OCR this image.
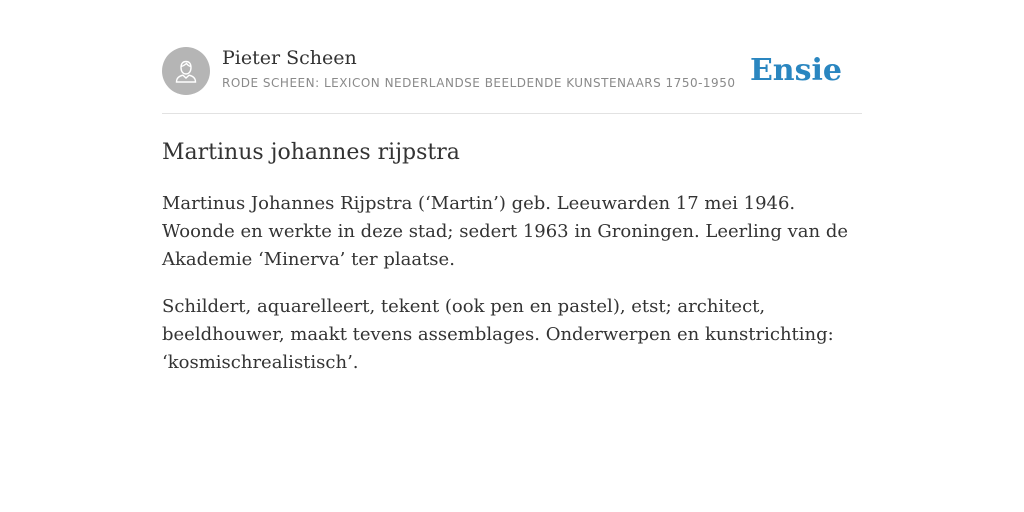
Pieter Scheen
RODE SCHEEN: LEXICON NEDERLANDSE BEELDENDE KUNSTENAARS 1750-1950 Ensie
Martinus johannes rijpstra

Martinus Johannes Rijpstra (‘Martin’) geb. Leeuwarden 17 mei 1946. Woonde en werkte in deze stad; sedert 1963 in Groningen. Leerling van de Akademie ‘Minerva’ ter plaatse.

Schildert, aquarelleert, tekent (ook pen en pastel), etst; architect, beeldhouwer, maakt tevens assemblages. Onderwerpen en kunstrichting: ‘kosmischrealistisch’.
